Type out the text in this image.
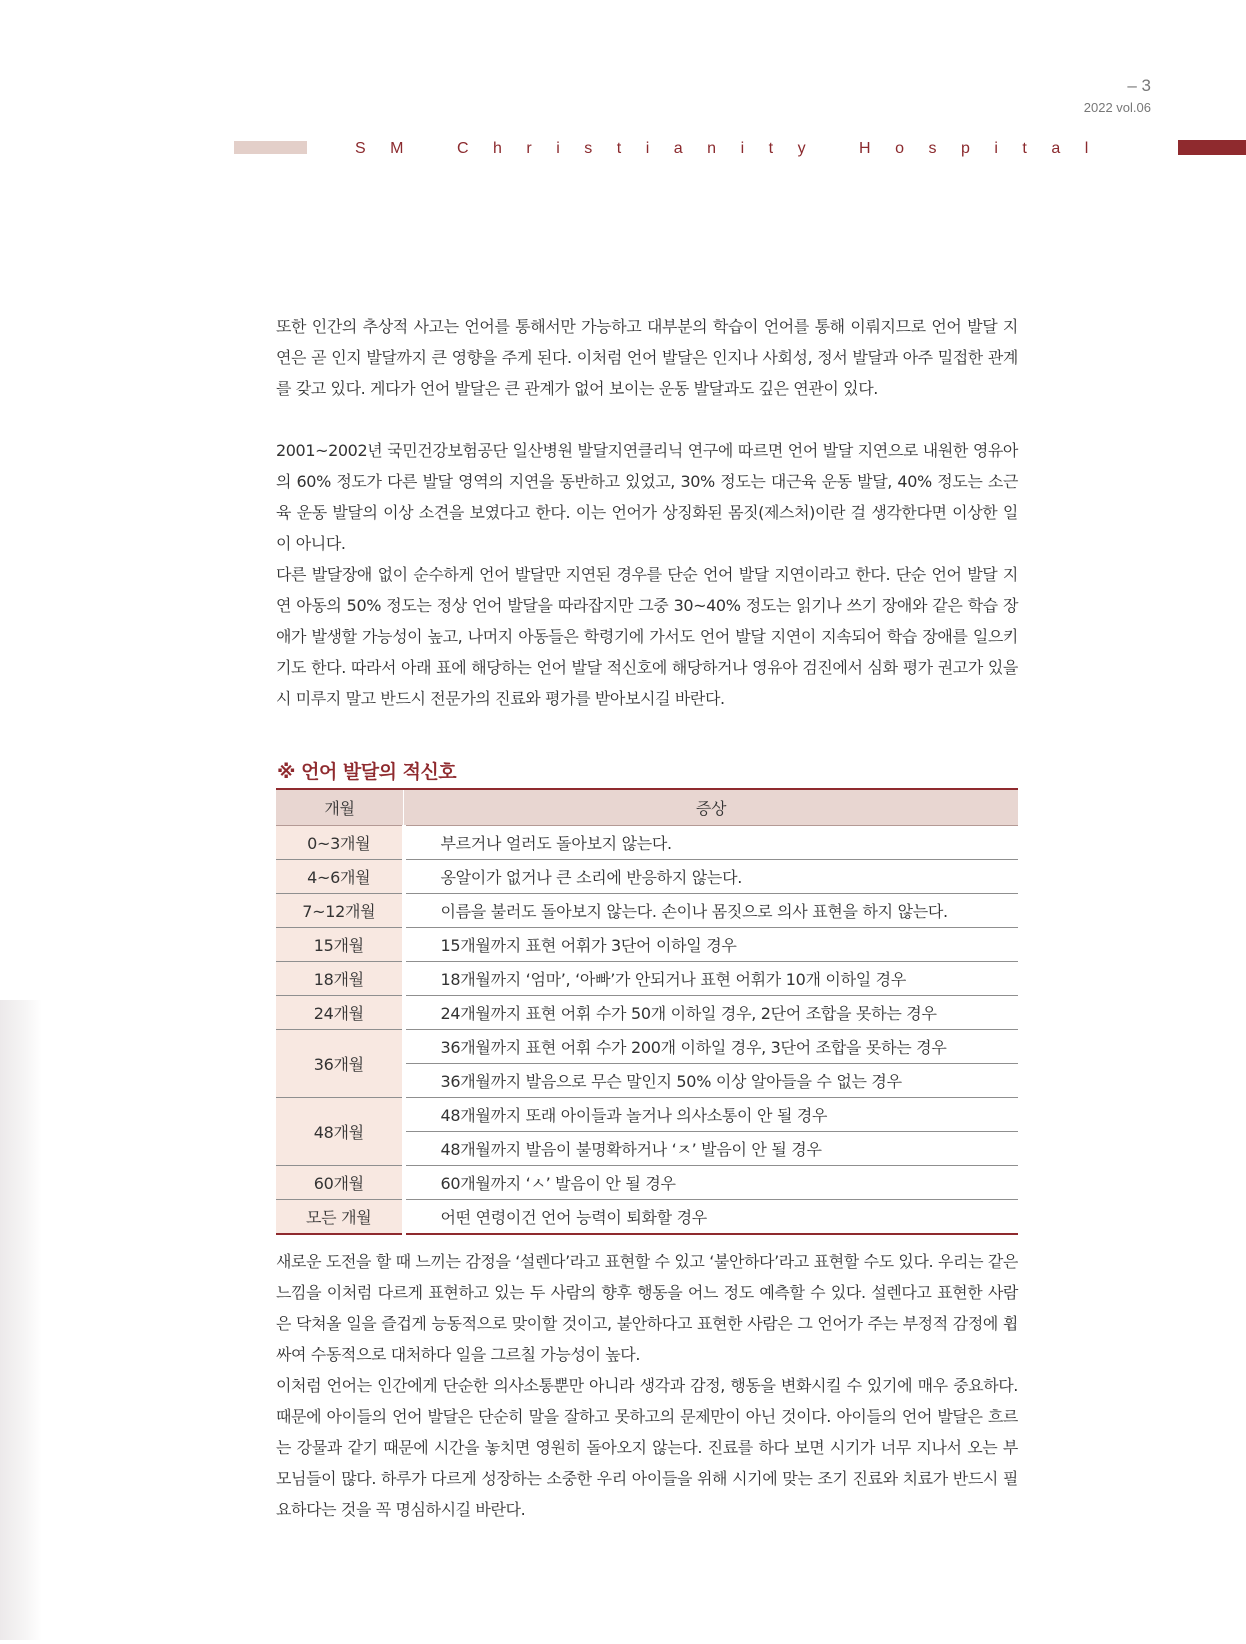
– 3
2022 vol.06
SM Christianity Hospital

또한 인간의 추상적 사고는 언어를 통해서만 가능하고 대부분의 학습이 언어를 통해 이뤄지므로 언어 발달 지연은 곧 인지 발달까지 큰 영향을 주게 된다. 이처럼 언어 발달은 인지나 사회성, 정서 발달과 아주 밀접한 관계를 갖고 있다. 게다가 언어 발달은 큰 관계가 없어 보이는 운동 발달과도 깊은 연관이 있다.

2001~2002년 국민건강보험공단 일산병원 발달지연클리닉 연구에 따르면 언어 발달 지연으로 내원한 영유아의 60% 정도가 다른 발달 영역의 지연을 동반하고 있었고, 30% 정도는 대근육 운동 발달, 40% 정도는 소근육 운동 발달의 이상 소견을 보였다고 한다. 이는 언어가 상징화된 몸짓(제스처)이란 걸 생각한다면 이상한 일이 아니다.

다른 발달장애 없이 순수하게 언어 발달만 지연된 경우를 단순 언어 발달 지연이라고 한다. 단순 언어 발달 지연 아동의 50% 정도는 정상 언어 발달을 따라잡지만 그중 30~40% 정도는 읽기나 쓰기 장애와 같은 학습 장애가 발생할 가능성이 높고, 나머지 아동들은 학령기에 가서도 언어 발달 지연이 지속되어 학습 장애를 일으키기도 한다. 따라서 아래 표에 해당하는 언어 발달 적신호에 해당하거나 영유아 검진에서 심화 평가 권고가 있을 시 미루지 말고 반드시 전문가의 진료와 평가를 받아보시길 바란다.

※ 언어 발달의 적신호
개월	증상
0~3개월	부르거나 얼러도 돌아보지 않는다.
4~6개월	옹알이가 없거나 큰 소리에 반응하지 않는다.
7~12개월	이름을 불러도 돌아보지 않는다. 손이나 몸짓으로 의사 표현을 하지 않는다.
15개월	15개월까지 표현 어휘가 3단어 이하일 경우
18개월	18개월까지 ‘엄마’, ‘아빠’가 안되거나 표현 어휘가 10개 이하일 경우
24개월	24개월까지 표현 어휘 수가 50개 이하일 경우, 2단어 조합을 못하는 경우
36개월	36개월까지 표현 어휘 수가 200개 이하일 경우, 3단어 조합을 못하는 경우
	36개월까지 발음으로 무슨 말인지 50% 이상 알아들을 수 없는 경우
48개월	48개월까지 또래 아이들과 놀거나 의사소통이 안 될 경우
	48개월까지 발음이 불명확하거나 ‘ㅈ’ 발음이 안 될 경우
60개월	60개월까지 ‘ㅅ’ 발음이 안 될 경우
모든 개월	어떤 연령이건 언어 능력이 퇴화할 경우

새로운 도전을 할 때 느끼는 감정을 ‘설렌다’라고 표현할 수 있고 ‘불안하다’라고 표현할 수도 있다. 우리는 같은 느낌을 이처럼 다르게 표현하고 있는 두 사람의 향후 행동을 어느 정도 예측할 수 있다. 설렌다고 표현한 사람은 닥쳐올 일을 즐겁게 능동적으로 맞이할 것이고, 불안하다고 표현한 사람은 그 언어가 주는 부정적 감정에 휩싸여 수동적으로 대처하다 일을 그르칠 가능성이 높다.

이처럼 언어는 인간에게 단순한 의사소통뿐만 아니라 생각과 감정, 행동을 변화시킬 수 있기에 매우 중요하다. 때문에 아이들의 언어 발달은 단순히 말을 잘하고 못하고의 문제만이 아닌 것이다. 아이들의 언어 발달은 흐르는 강물과 같기 때문에 시간을 놓치면 영원히 돌아오지 않는다. 진료를 하다 보면 시기가 너무 지나서 오는 부모님들이 많다. 하루가 다르게 성장하는 소중한 우리 아이들을 위해 시기에 맞는 조기 진료와 치료가 반드시 필요하다는 것을 꼭 명심하시길 바란다.
